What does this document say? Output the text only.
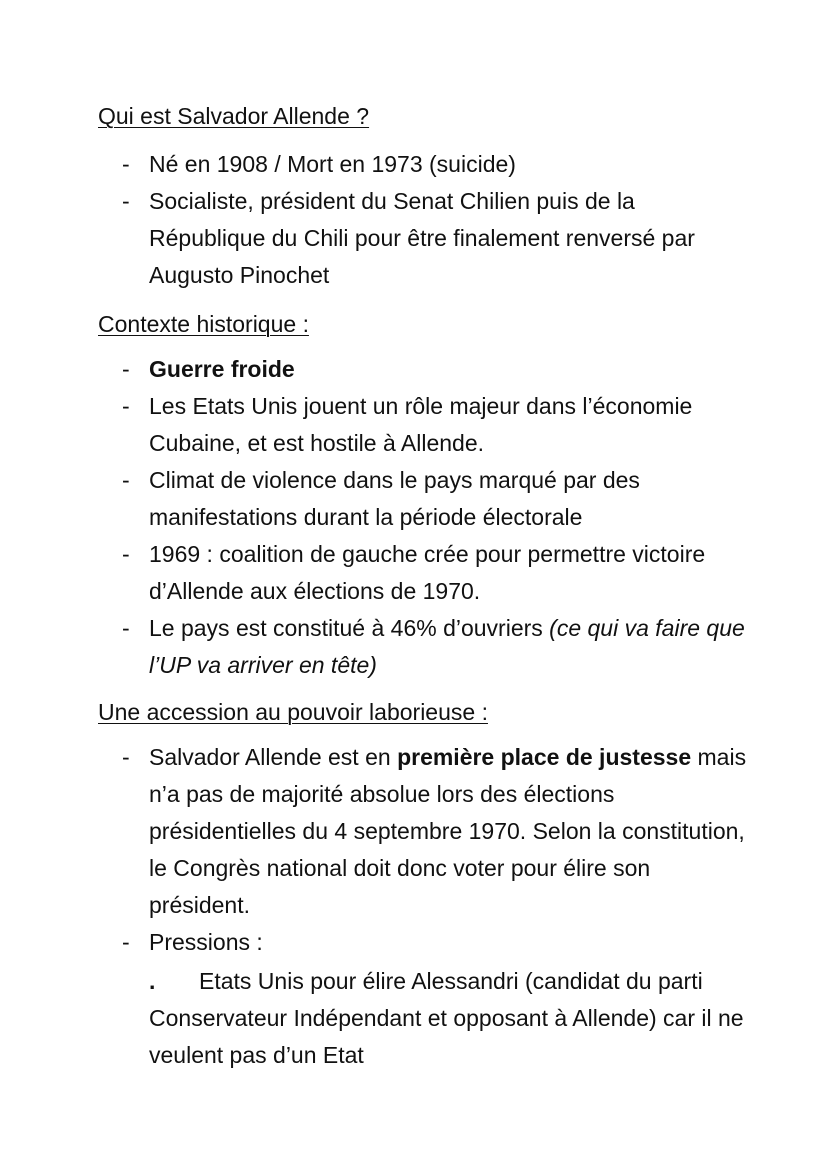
Qui est Salvador Allende ?
- Né en 1908 / Mort en 1973 (suicide)
- Socialiste, président du Senat Chilien puis de la République du Chili pour être finalement renversé par Augusto Pinochet
Contexte historique :
- Guerre froide
- Les Etats Unis jouent un rôle majeur dans l’économie Cubaine, et est hostile à Allende.
- Climat de violence dans le pays marqué par des manifestations durant la période électorale
- 1969 : coalition de gauche crée pour permettre victoire d’Allende aux élections de 1970.
- Le pays est constitué à 46% d’ouvriers (ce qui va faire que l’UP va arriver en tête)
Une accession au pouvoir laborieuse :
- Salvador Allende est en première place de justesse mais n’a pas de majorité absolue lors des élections présidentielles du 4 septembre 1970. Selon la constitution, le Congrès national doit donc voter pour élire son président.
- Pressions :
. Etats Unis pour élire Alessandri (candidat du parti Conservateur Indépendant et opposant à Allende) car il ne veulent pas d’un Etat
